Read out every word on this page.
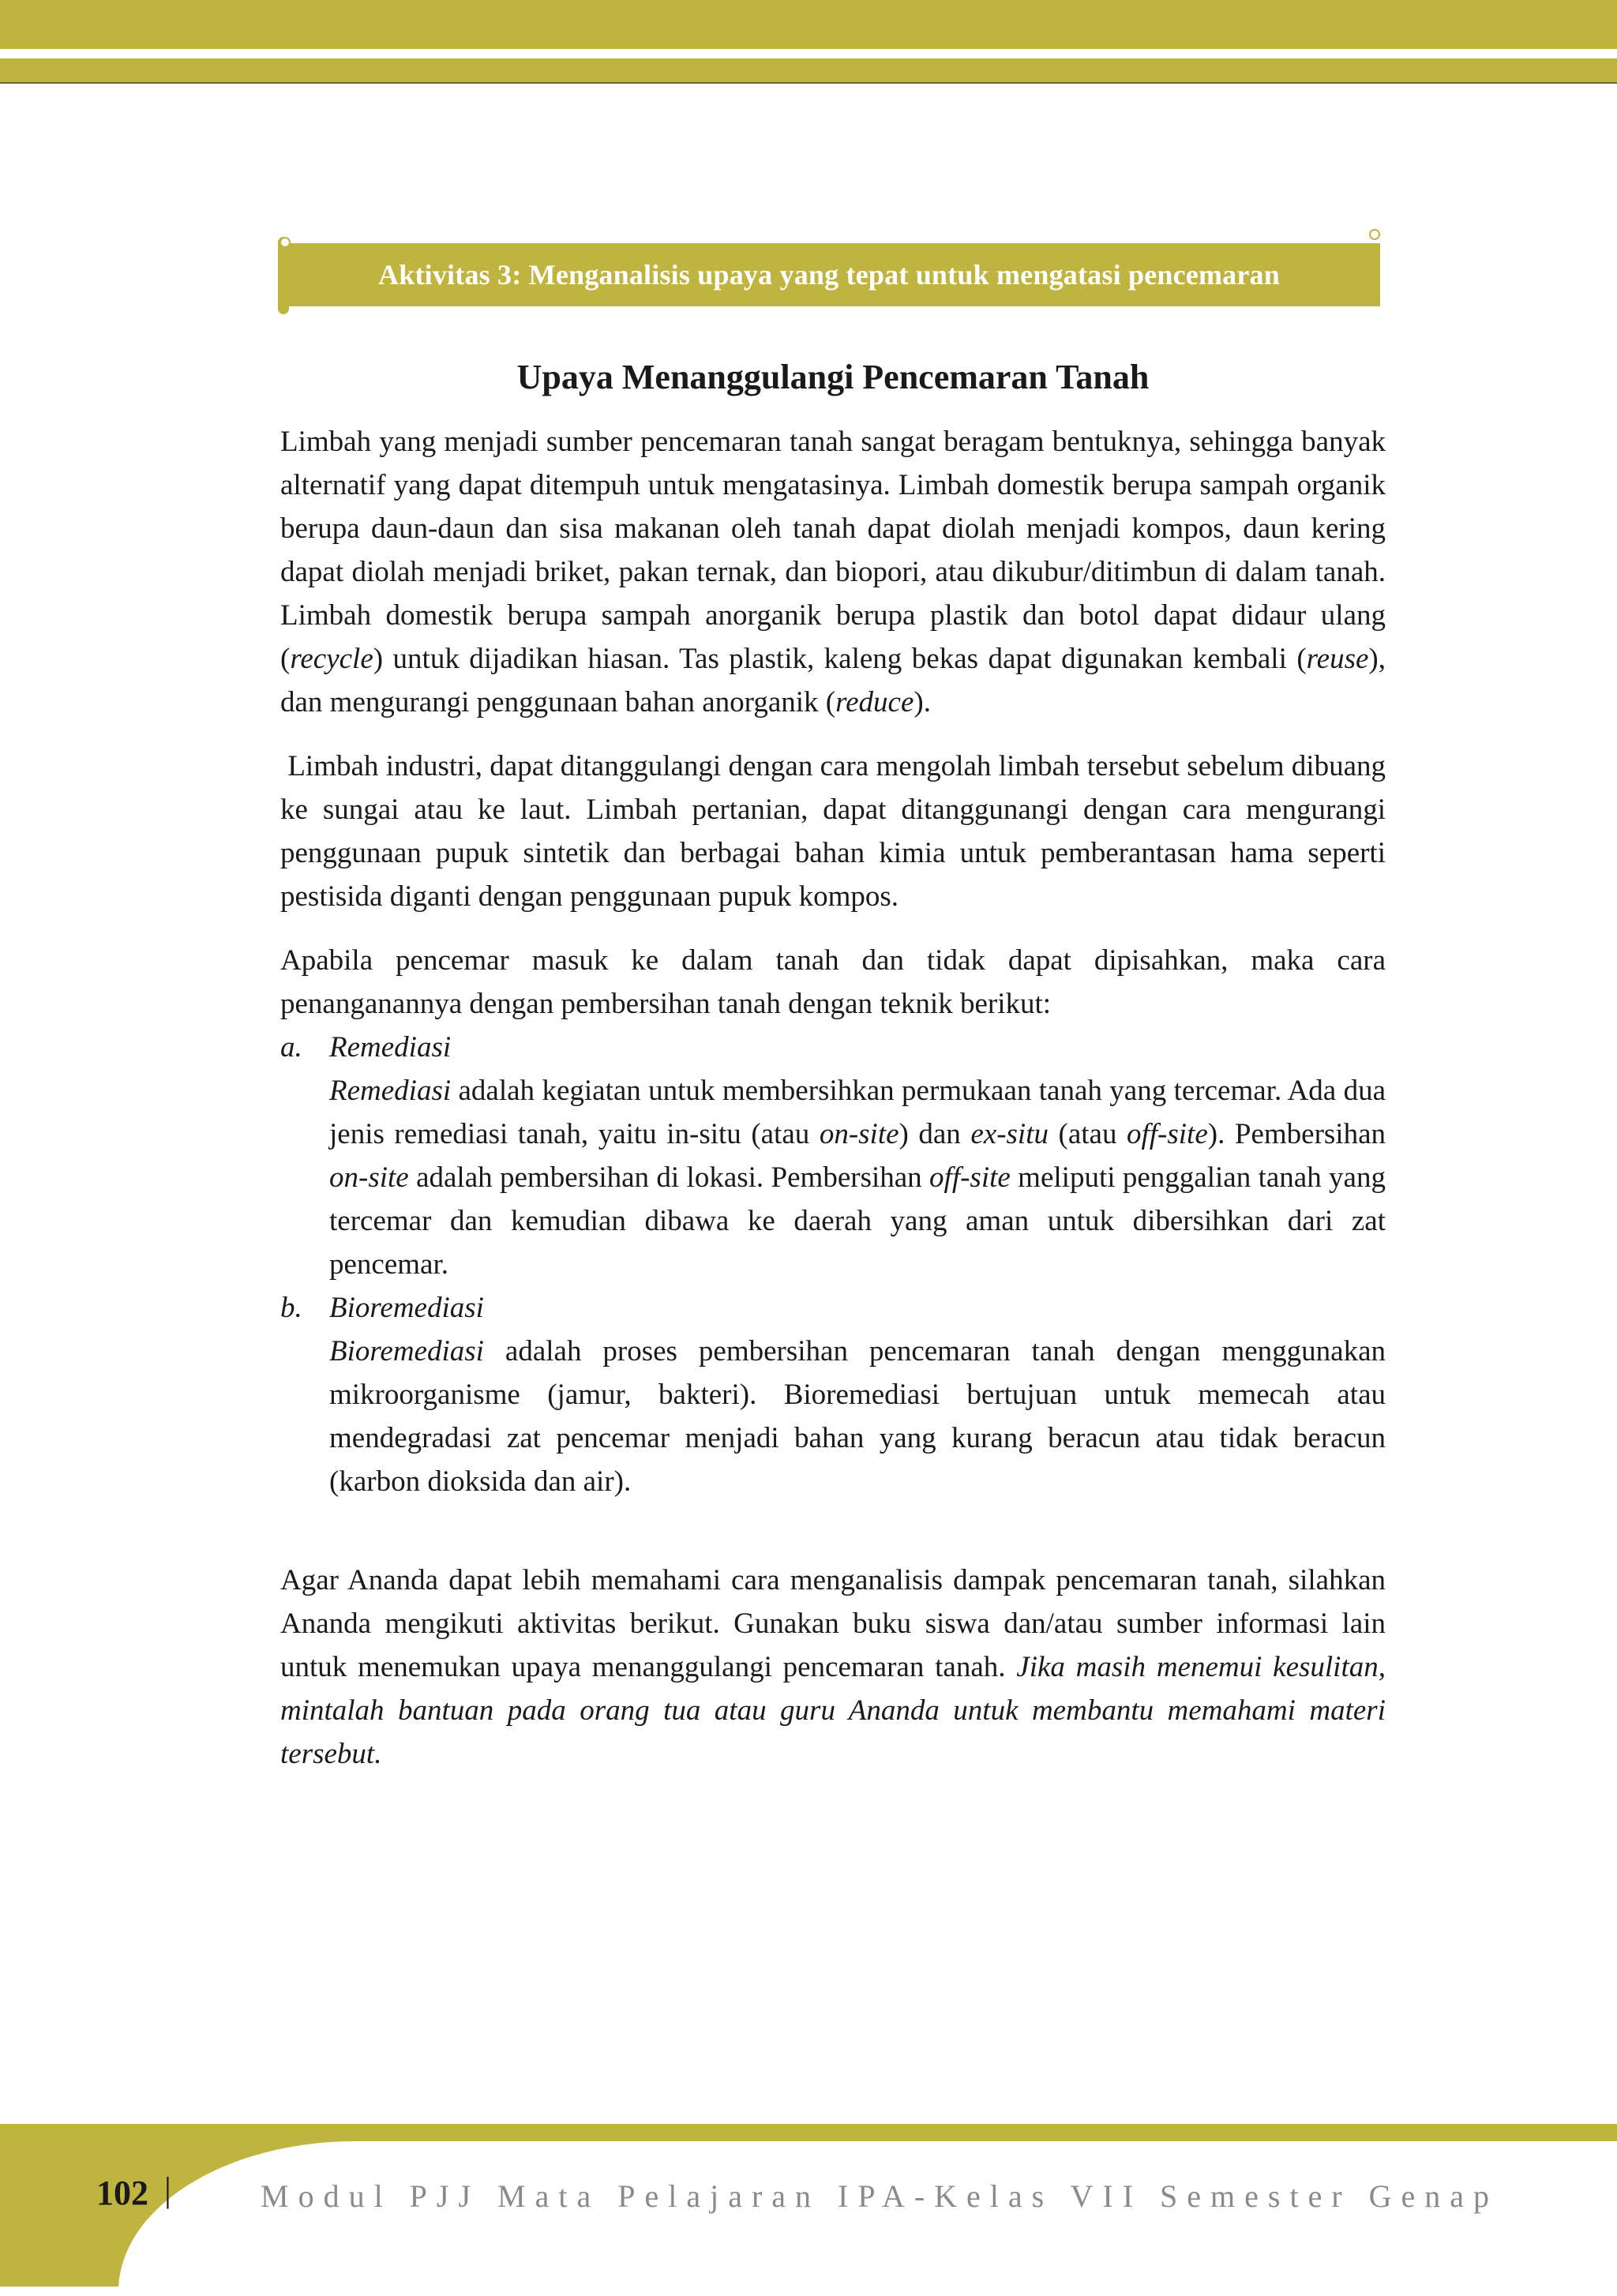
Aktivitas 3: Menganalisis upaya yang tepat untuk mengatasi pencemaran
Upaya Menanggulangi Pencemaran Tanah

Limbah yang menjadi sumber pencemaran tanah sangat beragam bentuknya, sehingga banyak alternatif yang dapat ditempuh untuk mengatasinya. Limbah domestik berupa sampah organik berupa daun-daun dan sisa makanan oleh tanah dapat diolah menjadi kompos, daun kering dapat diolah menjadi briket, pakan ternak, dan biopori, atau dikubur/ditimbun di dalam tanah. Limbah domestik berupa sampah anorganik berupa plastik dan botol dapat didaur ulang (recycle) untuk dijadikan hiasan. Tas plastik, kaleng bekas dapat digunakan kembali (reuse), dan mengurangi penggunaan bahan anorganik (reduce).

Limbah industri, dapat ditanggulangi dengan cara mengolah limbah tersebut sebelum dibuang ke sungai atau ke laut. Limbah pertanian, dapat ditanggunangi dengan cara mengurangi penggunaan pupuk sintetik dan berbagai bahan kimia untuk pemberantasan hama seperti pestisida diganti dengan penggunaan pupuk kompos.

Apabila pencemar masuk ke dalam tanah dan tidak dapat dipisahkan, maka cara penanganannya dengan pembersihan tanah dengan teknik berikut:

a. Remediasi

Remediasi adalah kegiatan untuk membersihkan permukaan tanah yang tercemar. Ada dua jenis remediasi tanah, yaitu in-situ (atau on-site) dan ex-situ (atau off-site). Pembersihan on-site adalah pembersihan di lokasi. Pembersihan off-site meliputi penggalian tanah yang tercemar dan kemudian dibawa ke daerah yang aman untuk dibersihkan dari zat pencemar.

b. Bioremediasi

Bioremediasi adalah proses pembersihan pencemaran tanah dengan menggunakan mikroorganisme (jamur, bakteri). Bioremediasi bertujuan untuk memecah atau mendegradasi zat pencemar menjadi bahan yang kurang beracun atau tidak beracun (karbon dioksida dan air).

Agar Ananda dapat lebih memahami cara menganalisis dampak pencemaran tanah, silahkan Ananda mengikuti aktivitas berikut. Gunakan buku siswa dan/atau sumber informasi lain untuk menemukan upaya menanggulangi pencemaran tanah. Jika masih menemui kesulitan, mintalah bantuan pada orang tua atau guru Ananda untuk membantu memahami materi tersebut.

102 |	Modul PJJ Mata Pelajaran IPA-Kelas VII Semester Genap
